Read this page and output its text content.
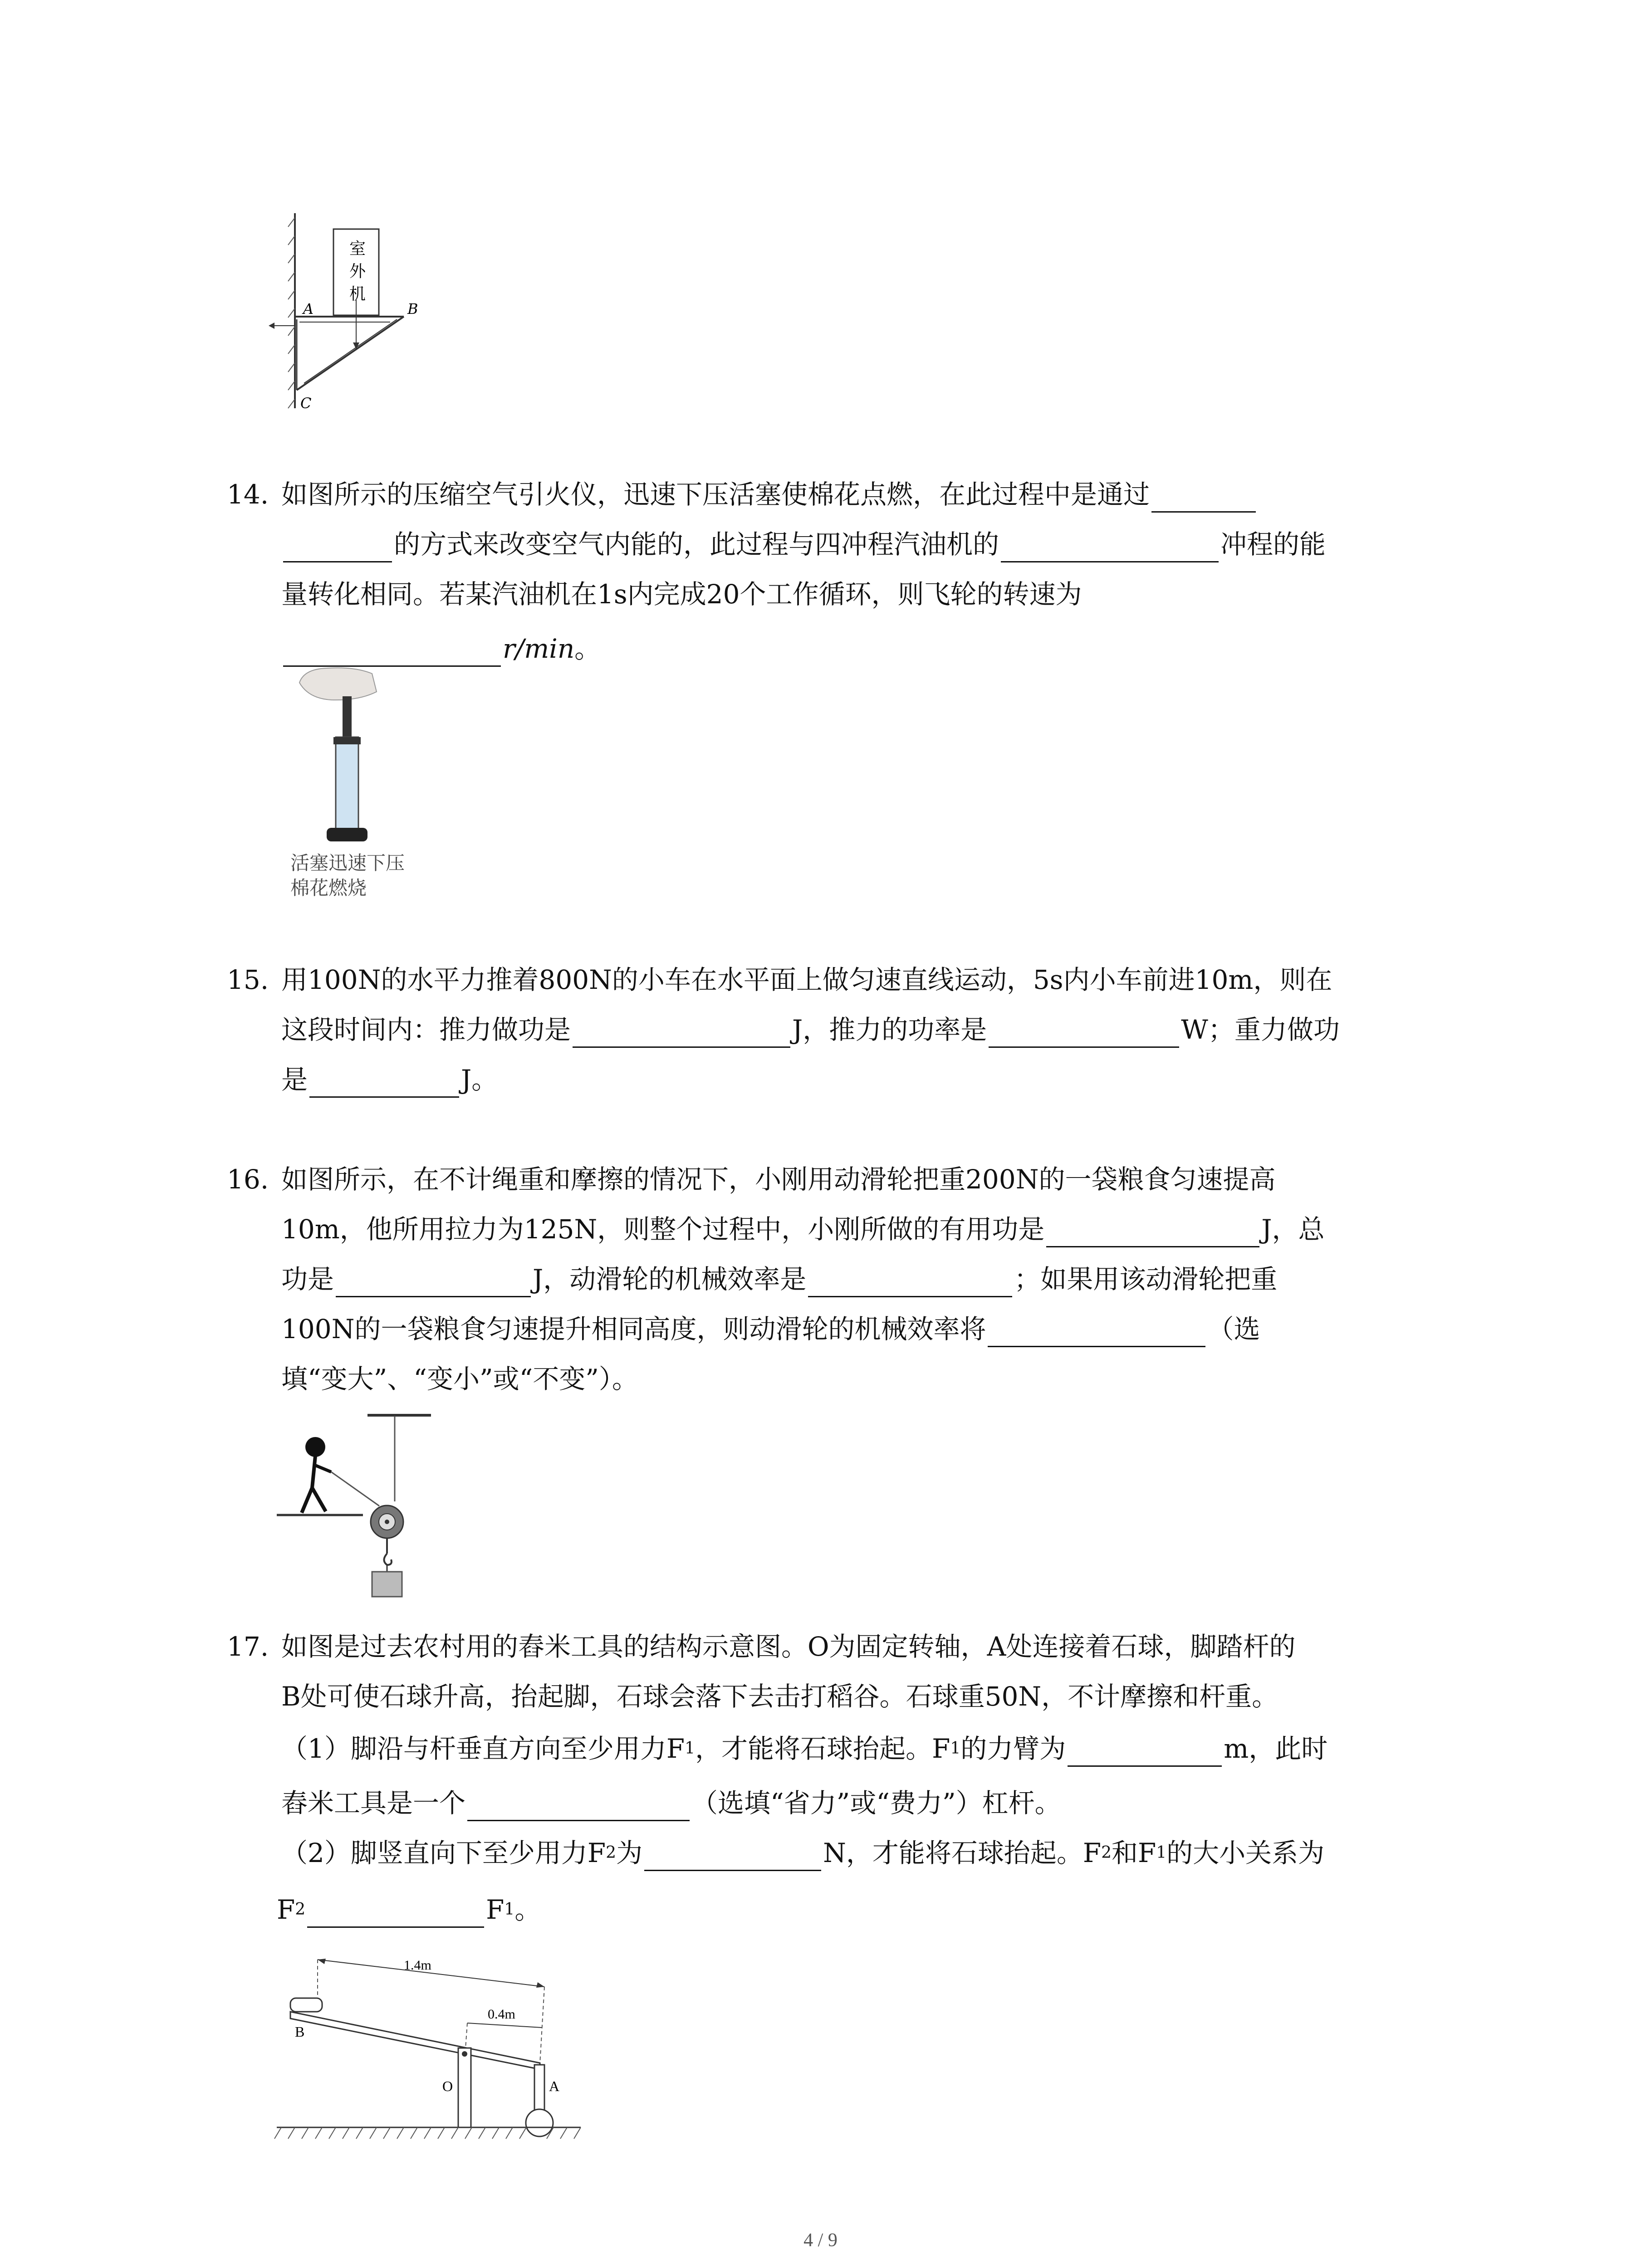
室
外
机
A	B
C
14. 如图所示的压缩空气引火仪，迅速下压活塞使棉花点燃，在此过程中是通过
的方式来改变空气内能的，此过程与四冲程汽油机的	冲程的能
量转化相同。若某汽油机在1s内完成20个工作循环，则飞轮的转速为
r/min 。
活塞迅速下压
棉花燃烧
15. 用100N的水平力推着800N的小车在水平面上做匀速直线运动，5s内小车前进10m，则在
这段时间内：推力做功是	J，推力的功率是	W；重力做功
是	J。
16. 如图所示，在不计绳重和摩擦的情况下，小刚用动滑轮把重200N的一袋粮食匀速提高
10m，他所用拉力为125N，则整个过程中，小刚所做的有用功是	J，总
功是	J，动滑轮的机械效率是	；如果用该动滑轮把重
100N的一袋粮食匀速提升相同高度，则动滑轮的机械效率将	（选
填“变大”、“变小”或“不变”）。
17. 如图是过去农村用的舂米工具的结构示意图。O为固定转轴，A处连接着石球，脚踏杆的
B处可使石球升高，抬起脚，石球会落下去击打稻谷。石球重50N，不计摩擦和杆重。
（1）脚沿与杆垂直方向至少用力F 1 ，才能将石球抬起。F 1 的力臂为	m，此时
舂米工具是一个	（选填“省力”或“费力”）杠杆。
（2）脚竖直向下至少用力F 2 为	N，才能将石球抬起。F 2 和F 1 的大小关系为
F 2	F 1 。
1.4m
0.4m
B
O	A
4 / 9
